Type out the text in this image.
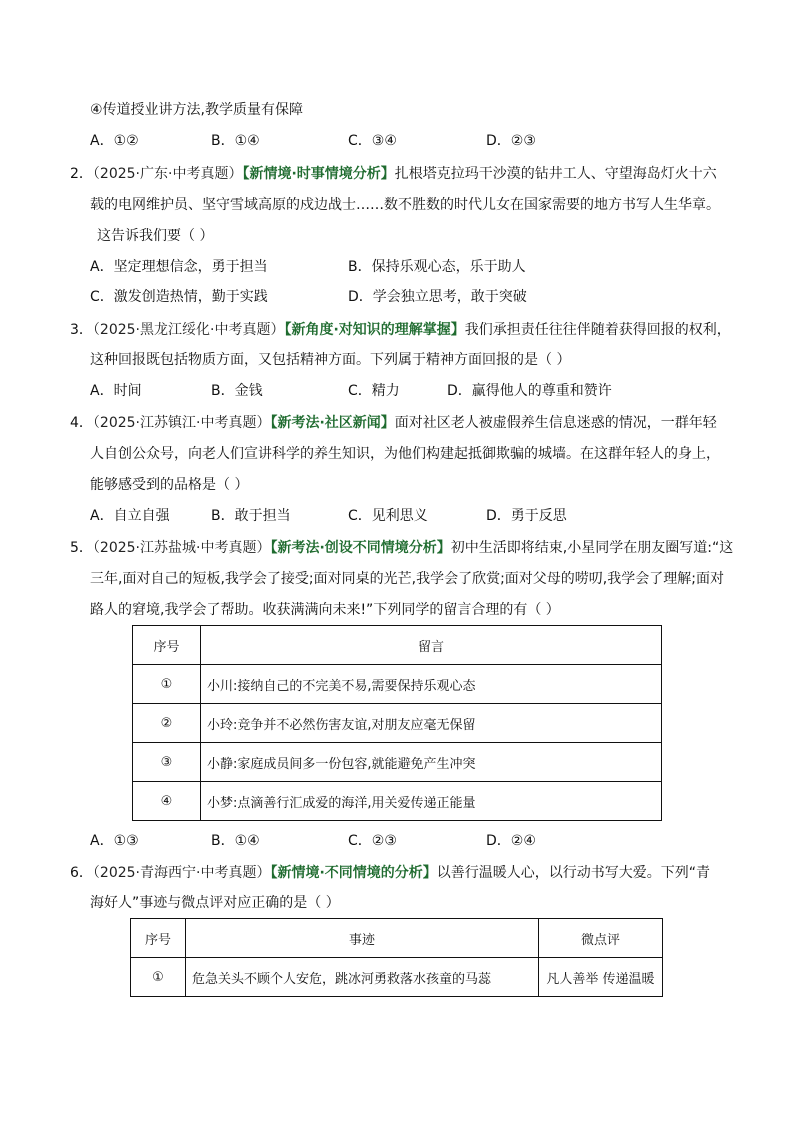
④传道授业讲方法,教学质量有保障
A．①②	B．①④	C．③④	D．②③
2．（2025·广东·中考真题）【新情境·时事情境分析】扎根塔克拉玛干沙漠的钻井工人、守望海岛灯火十六
载的电网维护员、坚守雪域高原的戍边战士……数不胜数的时代儿女在国家需要的地方书写人生华章。
这告诉我们要（ ）
A．坚定理想信念，勇于担当	B．保持乐观心态，乐于助人
C．激发创造热情，勤于实践	D．学会独立思考，敢于突破
3．（2025·黑龙江绥化·中考真题）【新角度·对知识的理解掌握】我们承担责任往往伴随着获得回报的权利，
这种回报既包括物质方面，又包括精神方面。下列属于精神方面回报的是（ ）
A．时间	B．金钱	C．精力	D．赢得他人的尊重和赞许
4．（2025·江苏镇江·中考真题）【新考法·社区新闻】面对社区老人被虚假养生信息迷惑的情况，一群年轻
人自创公众号，向老人们宣讲科学的养生知识，为他们构建起抵御欺骗的城墙。在这群年轻人的身上，
能够感受到的品格是（ ）
A．自立自强	B．敢于担当	C．见利思义	D．勇于反思
5．（2025·江苏盐城·中考真题）【新考法·创设不同情境分析】初中生活即将结束,小星同学在朋友圈写道:“这
三年,面对自己的短板,我学会了接受;面对同桌的光芒,我学会了欣赏;面对父母的唠叨,我学会了理解;面对
路人的窘境,我学会了帮助。收获满满向未来!”下列同学的留言合理的有（ ）
序号	留言
①	小川:接纳自己的不完美不易,需要保持乐观心态
②	小玲:竞争并不必然伤害友谊,对朋友应毫无保留
③	小静:家庭成员间多一份包容,就能避免产生冲突
④	小梦:点滴善行汇成爱的海洋,用关爱传递正能量
A．①③	B．①④	C．②③	D．②④
6．（2025·青海西宁·中考真题）【新情境·不同情境的分析】以善行温暖人心，以行动书写大爱。下列“青
海好人”事迹与微点评对应正确的是（ ）
序号	事迹	微点评
①	危急关头不顾个人安危，跳冰河勇救落水孩童的马蕊	凡人善举 传递温暖
